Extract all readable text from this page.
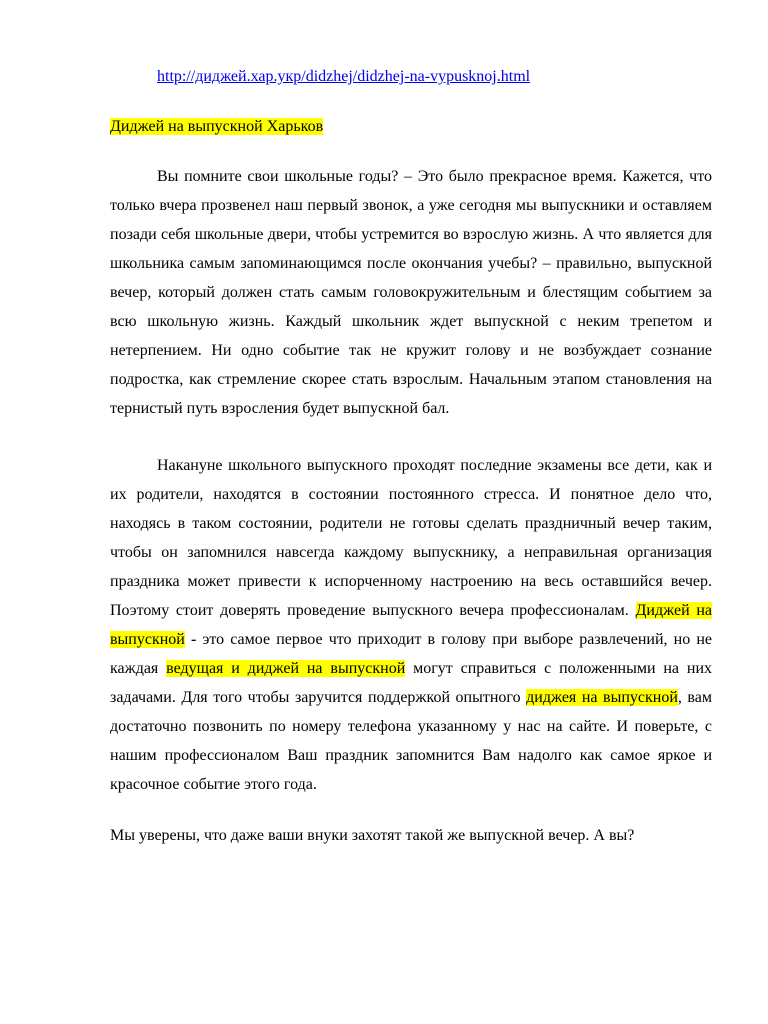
http://диджей.хар.укр/didzhej/didzhej-na-vypusknoj.html

Диджей на выпускной Харьков

Вы помните свои школьные годы? – Это было прекрасное время. Кажется, что только вчера прозвенел наш первый звонок, а уже сегодня мы выпускники и оставляем позади себя школьные двери, чтобы устремится во взрослую жизнь. А что является для школьника самым запоминающимся после окончания учебы? – правильно, выпускной вечер, который должен стать самым головокружительным и блестящим событием за всю школьную жизнь. Каждый школьник ждет выпускной с неким трепетом и нетерпением. Ни одно событие так не кружит голову и не возбуждает сознание подростка, как стремление скорее стать взрослым. Начальным этапом становления на тернистый путь взросления будет выпускной бал.

Накануне школьного выпускного проходят последние экзамены все дети, как и их родители, находятся в состоянии постоянного стресса. И понятное дело что, находясь в таком состоянии, родители не готовы сделать праздничный вечер таким, чтобы он запомнился навсегда каждому выпускнику, а неправильная организация праздника может привести к испорченному настроению на весь оставшийся вечер. Поэтому стоит доверять проведение выпускного вечера профессионалам. Диджей на выпускной - это самое первое что приходит в голову при выборе развлечений, но не каждая ведущая и диджей на выпускной могут справиться с положенными на них задачами. Для того чтобы заручится поддержкой опытного диджея на выпускной, вам достаточно позвонить по номеру телефона указанному у нас на сайте. И поверьте, с нашим профессионалом Ваш праздник запомнится Вам надолго как самое яркое и красочное событие этого года.

Мы уверены, что даже ваши внуки захотят такой же выпускной вечер. А вы?
